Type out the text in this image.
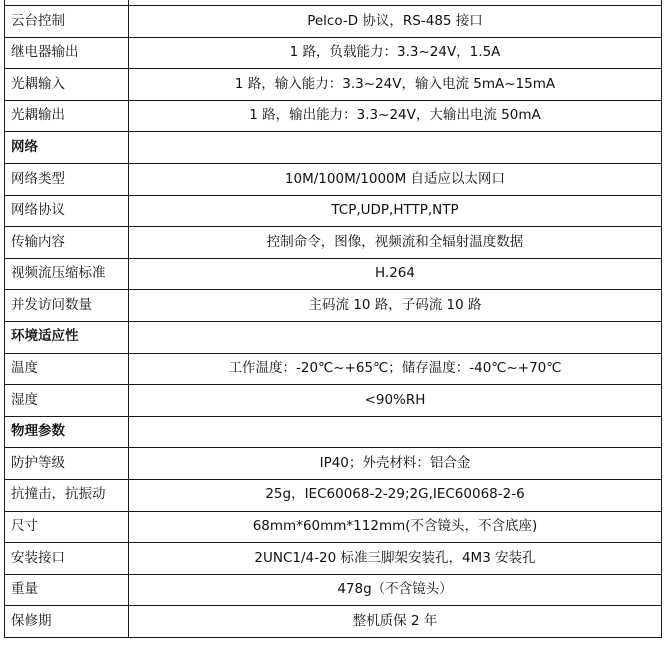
云台控制	Pelco-D 协议，RS-485 接口
继电器输出	1 路，负载能力：3.3~24V，1.5A
光耦输入	1 路，输入能力：3.3~24V，输入电流 5mA~15mA
光耦输出	1 路，输出能力：3.3~24V，大输出电流 50mA
网络	
网络类型	10M/100M/1000M 自适应以太网口
网络协议	TCP,UDP,HTTP,NTP
传输内容	控制命令，图像，视频流和全辐射温度数据
视频流压缩标准	H.264
并发访问数量	主码流 10 路，子码流 10 路
环境适应性	
温度	工作温度：-20℃~+65℃；储存温度：-40℃~+70℃
湿度	<90%RH
物理参数	
防护等级	IP40；外壳材料：铝合金
抗撞击，抗振动	25g，IEC60068-2-29;2G,IEC60068-2-6
尺寸	68mm*60mm*112mm(不含镜头，不含底座)
安装接口	2UNC1/4-20 标准三脚架安装孔，4M3 安装孔
重量	478g（不含镜头）
保修期	整机质保 2 年
